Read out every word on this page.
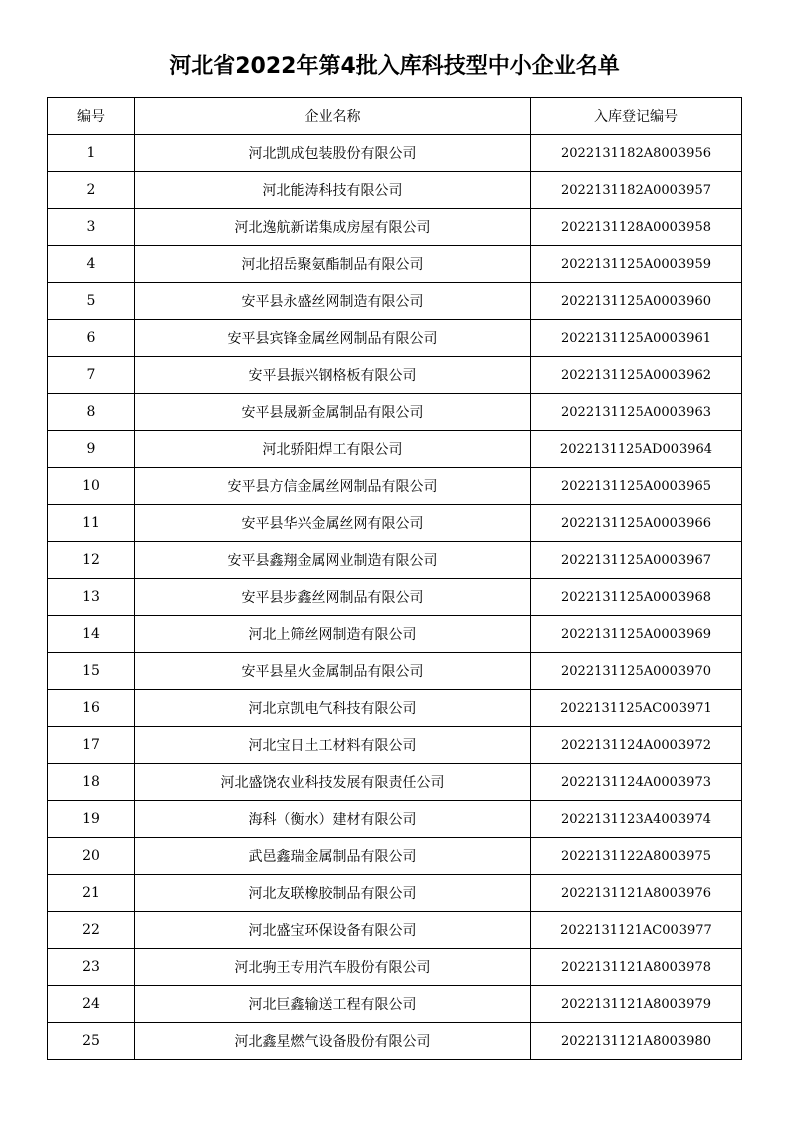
河北省2022年第4批入库科技型中小企业名单
编号	企业名称	入库登记编号
1	河北凯成包装股份有限公司	2022131182A8003956
2	河北能涛科技有限公司	2022131182A0003957
3	河北逸航新诺集成房屋有限公司	2022131128A0003958
4	河北招岳聚氨酯制品有限公司	2022131125A0003959
5	安平县永盛丝网制造有限公司	2022131125A0003960
6	安平县宾锋金属丝网制品有限公司	2022131125A0003961
7	安平县振兴钢格板有限公司	2022131125A0003962
8	安平县晟新金属制品有限公司	2022131125A0003963
9	河北骄阳焊工有限公司	2022131125AD003964
10	安平县方信金属丝网制品有限公司	2022131125A0003965
11	安平县华兴金属丝网有限公司	2022131125A0003966
12	安平县鑫翔金属网业制造有限公司	2022131125A0003967
13	安平县步鑫丝网制品有限公司	2022131125A0003968
14	河北上筛丝网制造有限公司	2022131125A0003969
15	安平县星火金属制品有限公司	2022131125A0003970
16	河北京凯电气科技有限公司	2022131125AC003971
17	河北宝日土工材料有限公司	2022131124A0003972
18	河北盛饶农业科技发展有限责任公司	2022131124A0003973
19	海科（衡水）建材有限公司	2022131123A4003974
20	武邑鑫瑞金属制品有限公司	2022131122A8003975
21	河北友联橡胶制品有限公司	2022131121A8003976
22	河北盛宝环保设备有限公司	2022131121AC003977
23	河北驹王专用汽车股份有限公司	2022131121A8003978
24	河北巨鑫输送工程有限公司	2022131121A8003979
25	河北鑫星燃气设备股份有限公司	2022131121A8003980
